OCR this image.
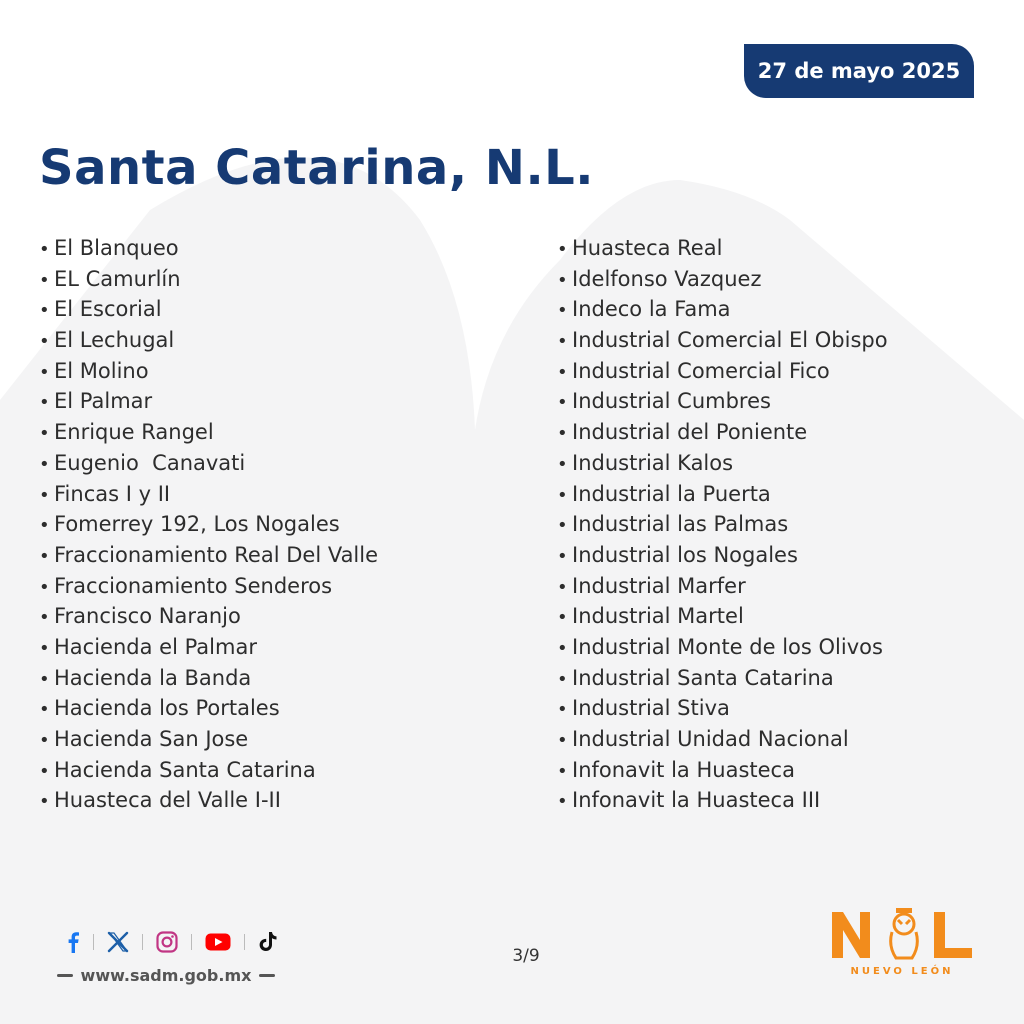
27 de mayo 2025
Santa Catarina, N.L.
• El Blanqueo
• EL Camurlín
• El Escorial
• El Lechugal
• El Molino
• El Palmar
• Enrique Rangel
• Eugenio  Canavati
• Fincas I y II
• Fomerrey 192, Los Nogales
• Fraccionamiento Real Del Valle
• Fraccionamiento Senderos
• Francisco Naranjo
• Hacienda el Palmar
• Hacienda la Banda
• Hacienda los Portales
• Hacienda San Jose
• Hacienda Santa Catarina
• Huasteca del Valle I-II
• Huasteca Real
• Idelfonso Vazquez
• Indeco la Fama
• Industrial Comercial El Obispo
• Industrial Comercial Fico
• Industrial Cumbres
• Industrial del Poniente
• Industrial Kalos
• Industrial la Puerta
• Industrial las Palmas
• Industrial los Nogales
• Industrial Marfer
• Industrial Martel
• Industrial Monte de los Olivos
• Industrial Santa Catarina
• Industrial Stiva
• Industrial Unidad Nacional
• Infonavit la Huasteca
• Infonavit la Huasteca III
www.sadm.gob.mx
3/9
NUEVO LEÓN
